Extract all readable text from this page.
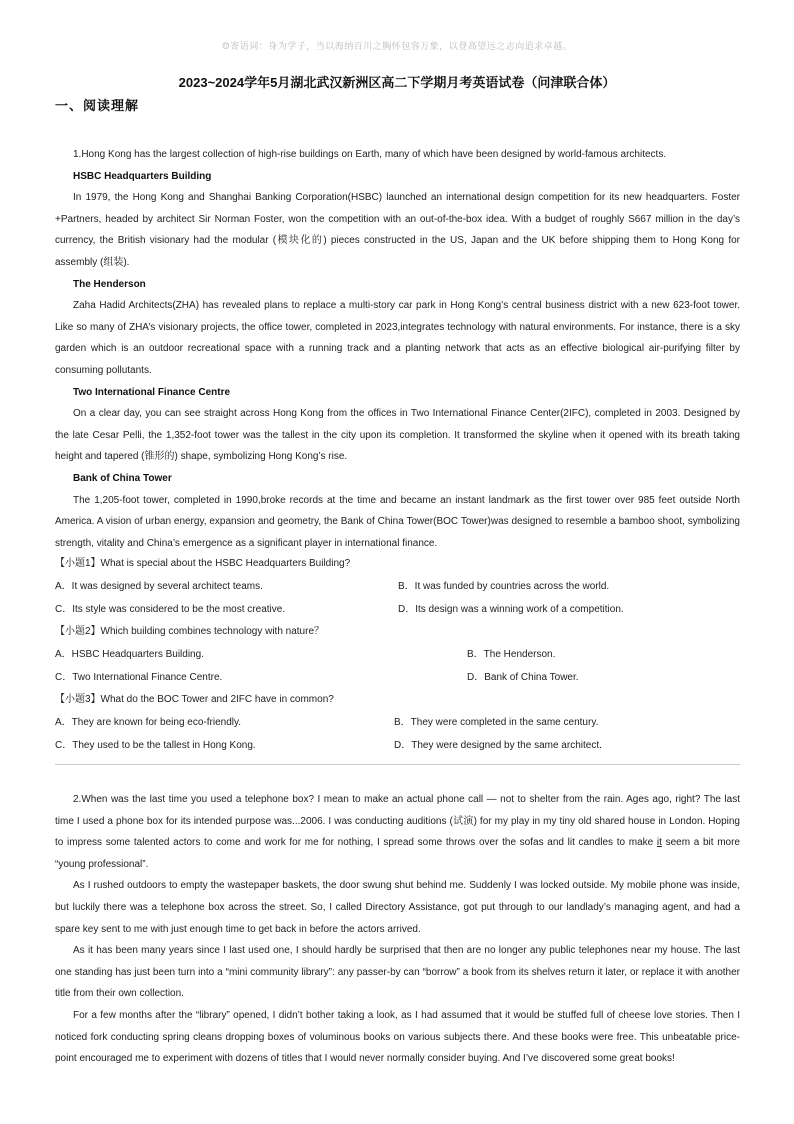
☺寄语词：身为学子，当以海纳百川之胸怀包容万象，以登高望远之志向追求卓越。
2023~2024学年5月湖北武汉新洲区高二下学期月考英语试卷（问津联合体）
一、阅读理解

1.Hong Kong has the largest collection of high-rise buildings on Earth, many of which have been designed by world-famous architects.

HSBC Headquarters Building

In 1979, the Hong Kong and Shanghai Banking Corporation(HSBC) launched an international design competition for its new headquarters. Foster +Partners, headed by architect Sir Norman Foster, won the competition with an out-of-the-box idea. With a budget of roughly S667 million in the day’s currency, the British visionary had the modular (模块化的) pieces constructed in the US, Japan and the UK before shipping them to Hong Kong for assembly (组装).

The Henderson

Zaha Hadid Architects(ZHA) has revealed plans to replace a multi-story car park in Hong Kong’s central business district with a new 623-foot tower. Like so many of ZHA’s visionary projects, the office tower, completed in 2023,integrates technology with natural environments. For instance, there is a sky garden which is an outdoor recreational space with a running track and a planting network that acts as an effective biological air-purifying filter by consuming pollutants.

Two International Finance Centre

On a clear day, you can see straight across Hong Kong from the offices in Two International Finance Center(2IFC), completed in 2003. Designed by the late Cesar Pelli, the 1,352-foot tower was the tallest in the city upon its completion. It transformed the skyline when it opened with its breath taking height and tapered (锥形的) shape, symbolizing Hong Kong’s rise.

Bank of China Tower

The 1,205-foot tower, completed in 1990,broke records at the time and became an instant landmark as the first tower over 985 feet outside North America. A vision of urban energy, expansion and geometry, the Bank of China Tower(BOC Tower)was designed to resemble a bamboo shoot, symbolizing strength, vitality and China’s emergence as a significant player in international finance.

【小题1】What is special about the HSBC Headquarters Building?
A．It was designed by several architect teams.	B．It was funded by countries across the world.
C．Its style was considered to be the most creative.	D．Its design was a winning work of a competition.
【小题2】Which building combines technology with nature？
A．HSBC Headquarters Building.	B．The Henderson.
C．Two International Finance Centre.	D．Bank of China Tower.
【小题3】What do the BOC Tower and 2IFC have in common?
A．They are known for being eco-friendly.	B．They were completed in the same century.
C．They used to be the tallest in Hong Kong.	D．They were designed by the same architect.

2.When was the last time you used a telephone box? I mean to make an actual phone call — not to shelter from the rain. Ages ago, right? The last time I used a phone box for its intended purpose was...2006. I was conducting auditions (试演) for my play in my tiny old shared house in London. Hoping to impress some talented actors to come and work for me for nothing, I spread some throws over the sofas and lit candles to make it seem a bit more “young professional”.

As I rushed outdoors to empty the wastepaper baskets, the door swung shut behind me. Suddenly I was locked outside. My mobile phone was inside, but luckily there was a telephone box across the street. So, I called Directory Assistance, got put through to our landlady’s managing agent, and had a spare key sent to me with just enough time to get back in before the actors arrived.

As it has been many years since I last used one, I should hardly be surprised that then are no longer any public telephones near my house. The last one standing has just been turn into a “mini community library”: any passer-by can “borrow” a book from its shelves return it later, or replace it with another title from their own collection.

For a few months after the “library” opened, I didn’t bother taking a look, as I had assumed that it would be stuffed full of cheese love stories. Then I noticed fork conducting spring cleans dropping boxes of voluminous books on various subjects there. And these books were free. This unbeatable price-point encouraged me to experiment with dozens of titles that I would never normally consider buying. And I’ve discovered some great books!
